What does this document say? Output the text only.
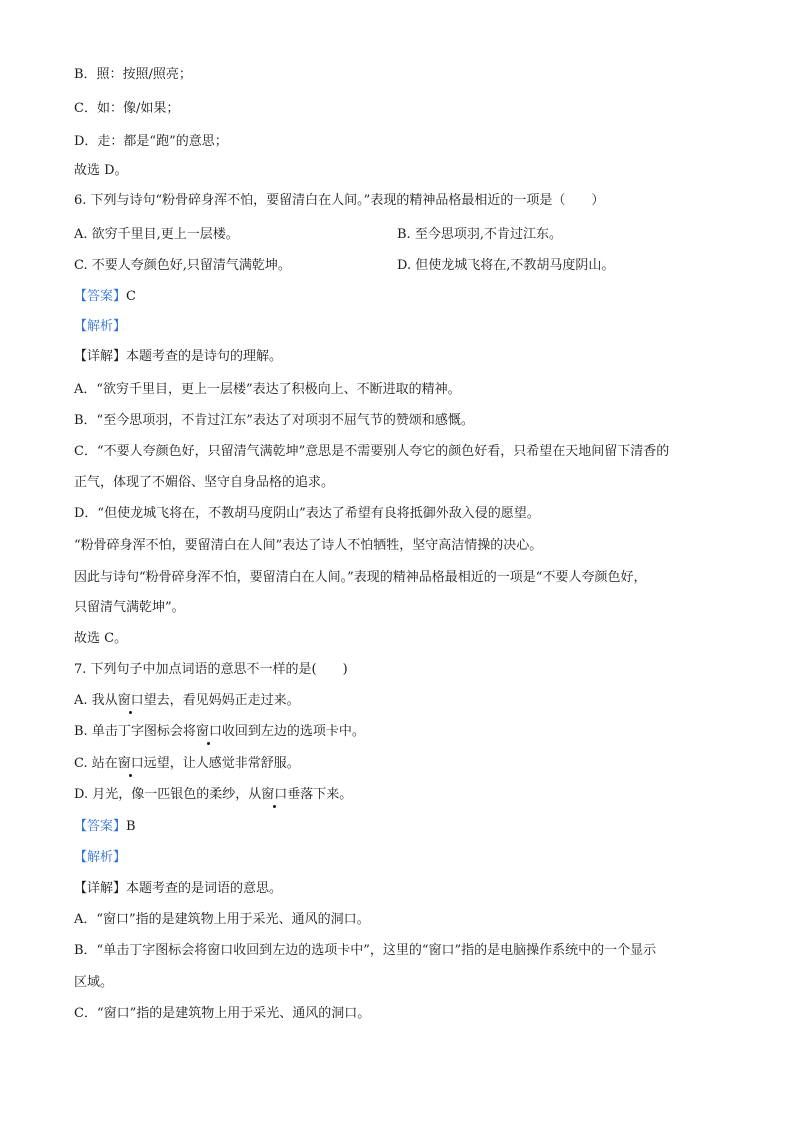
B．照：按照/照亮；
C．如：像/如果；
D．走：都是“跑”的意思；
故选 D。
6. 下列与诗句“粉骨碎身浑不怕，要留清白在人间。”表现的精神品格最相近的一项是（　　）
A. 欲穷千里目,更上一层楼。	B. 至今思项羽,不肯过江东。
C. 不要人夸颜色好,只留清气满乾坤。	D. 但使龙城飞将在,不教胡马度阴山。
【答案】C
【解析】
【详解】本题考查的是诗句的理解。
A．“欲穷千里目，更上一层楼”表达了积极向上、不断进取的精神。
B．“至今思项羽，不肯过江东”表达了对项羽不屈气节的赞颂和感慨。
C．“不要人夸颜色好，只留清气满乾坤”意思是不需要别人夸它的颜色好看，只希望在天地间留下清香的
正气，体现了不媚俗、坚守自身品格的追求。
D．“但使龙城飞将在，不教胡马度阴山”表达了希望有良将抵御外敌入侵的愿望。
“粉骨碎身浑不怕，要留清白在人间”表达了诗人不怕牺牲，坚守高洁情操的决心。
因此与诗句“粉骨碎身浑不怕，要留清白在人间。”表现的精神品格最相近的一项是“不要人夸颜色好，
只留清气满乾坤”。
故选 C。
7. 下列句子中加点词语的意思不一样的是(　　)
A. 我从窗口望去，看见妈妈正走过来。
B. 单击丁字图标会将窗口收回到左边的选项卡中。
C. 站在窗口远望，让人感觉非常舒服。
D. 月光，像一匹银色的柔纱，从窗口垂落下来。
【答案】B
【解析】
【详解】本题考查的是词语的意思。
A．“窗口”指的是建筑物上用于采光、通风的洞口。
B．“单击丁字图标会将窗口收回到左边的选项卡中”，这里的“窗口”指的是电脑操作系统中的一个显示
区域。
C．“窗口”指的是建筑物上用于采光、通风的洞口。
